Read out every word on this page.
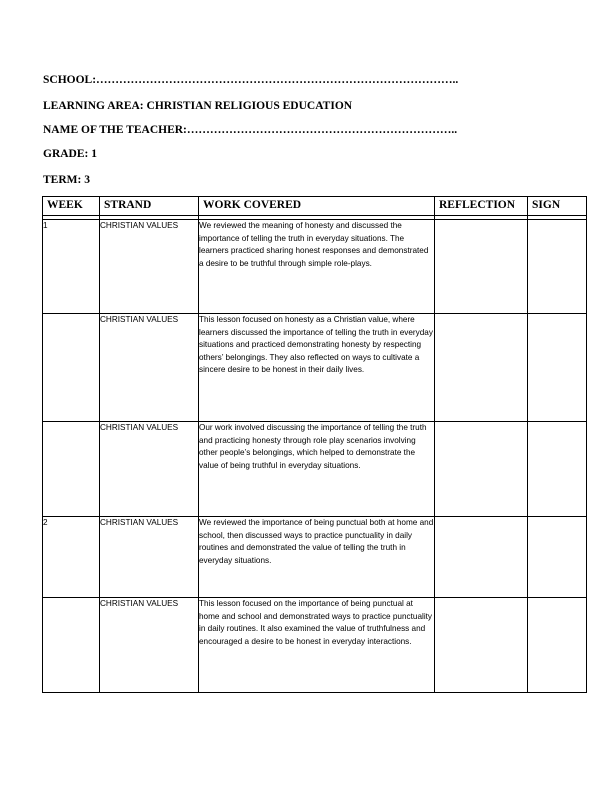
SCHOOL:…………………………………………………………………………………..

LEARNING AREA: CHRISTIAN RELIGIOUS EDUCATION

NAME OF THE TEACHER:……………………………………………………………..

GRADE: 1

TERM: 3

WEEK	STRAND	WORK COVERED	REFLECTION	SIGN

1	CHRISTIAN VALUES	We reviewed the meaning of honesty and discussed the importance of telling the truth in everyday situations. The learners practiced sharing honest responses and demonstrated a desire to be truthful through simple role-plays.		
	CHRISTIAN VALUES	This lesson focused on honesty as a Christian value, where learners discussed the importance of telling the truth in everyday situations and practiced demonstrating honesty by respecting others’ belongings. They also reflected on ways to cultivate a sincere desire to be honest in their daily lives.		
	CHRISTIAN VALUES	Our work involved discussing the importance of telling the truth and practicing honesty through role play scenarios involving other people’s belongings, which helped to demonstrate the value of being truthful in everyday situations.		
2	CHRISTIAN VALUES	We reviewed the importance of being punctual both at home and school, then discussed ways to practice punctuality in daily routines and demonstrated the value of telling the truth in everyday situations.		
	CHRISTIAN VALUES	This lesson focused on the importance of being punctual at home and school and demonstrated ways to practice punctuality in daily routines. It also examined the value of truthfulness and encouraged a desire to be honest in everyday interactions.		
